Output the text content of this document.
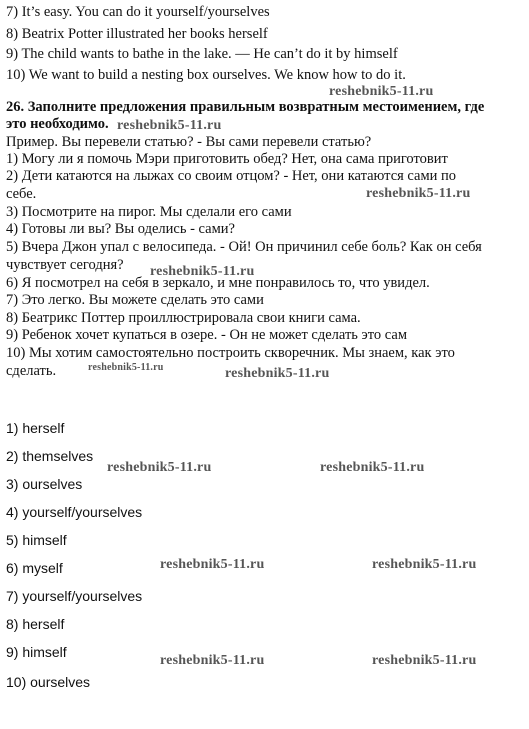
7) It’s easy. You can do it yourself/yourselves
8) Beatrix Potter illustrated her books herself
9) The child wants to bathe in the lake. — He can’t do it by himself
10) We want to build a nesting box ourselves. We know how to do it.
26. Заполните предложения правильным возвратным местоимением, где
это необходимо.
Пример. Вы перевели статью? - Вы сами перевели статью?
1) Могу ли я помочь Мэри приготовить обед? Нет, она сама приготовит
2) Дети катаются на лыжах со своим отцом? - Нет, они катаются сами по
себе.
3) Посмотрите на пирог. Мы сделали его сами
4) Готовы ли вы? Вы оделись - сами?
5) Вчера Джон упал с велосипеда. - Ой! Он причинил себе боль? Как он себя
чувствует сегодня?
6) Я посмотрел на себя в зеркало, и мне понравилось то, что увидел.
7) Это легко. Вы можете сделать это сами
8) Беатрикс Поттер проиллюстрировала свои книги сама.
9) Ребенок хочет купаться в озере. - Он не может сделать это сам
10) Мы хотим самостоятельно построить скворечник. Мы знаем, как это
сделать.
1) herself
2) themselves
3) ourselves
4) yourself/yourselves
5) himself
6) myself
7) yourself/yourselves
8) herself
9) himself
10) ourselves
reshebnik5-11.ru
reshebnik5-11.ru
reshebnik5-11.ru
reshebnik5-11.ru
reshebnik5-11.ru	reshebnik5-11.ru
reshebnik5-11.ru	reshebnik5-11.ru
reshebnik5-11.ru	reshebnik5-11.ru
reshebnik5-11.ru	reshebnik5-11.ru
